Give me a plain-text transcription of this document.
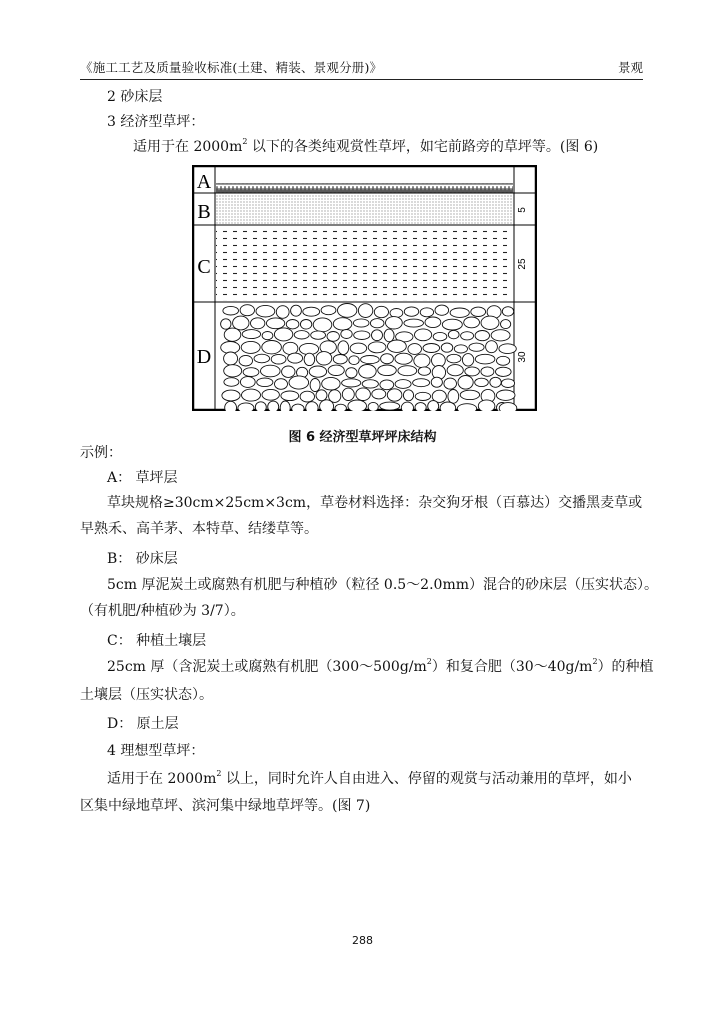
《施工工艺及质量验收标准(土建、精装、景观分册)》	景观
2 砂床层
3 经济型草坪：
适用于在 $2000m^2$ 以下的各类纯观赏性草坪，如宅前路旁的草坪等。(图 6)
A
B
C
D
5
25
30
图 6 经济型草坪坪床结构
示例：
A： 草坪层
草块规格≥30cm×25cm×3cm，草卷材料选择：杂交狗牙根（百慕达）交播黑麦草或
早熟禾、高羊茅、本特草、结缕草等。
B： 砂床层
5cm 厚泥炭土或腐熟有机肥与种植砂（粒径 0.5～2.0mm）混合的砂床层（压实状态）。
（有机肥/种植砂为 3/7）。
C： 种植土壤层
25cm 厚（含泥炭土或腐熟有机肥$(300\sim 500g/m^2)$和复合肥$(30\sim 40g/m^2)$的种植
土壤层（压实状态）。
D： 原土层
4 理想型草坪：
适用于在 $2000m^2$ 以上，同时允许人自由进入、停留的观赏与活动兼用的草坪，如小
区集中绿地草坪、滨河集中绿地草坪等。(图 7)
288
